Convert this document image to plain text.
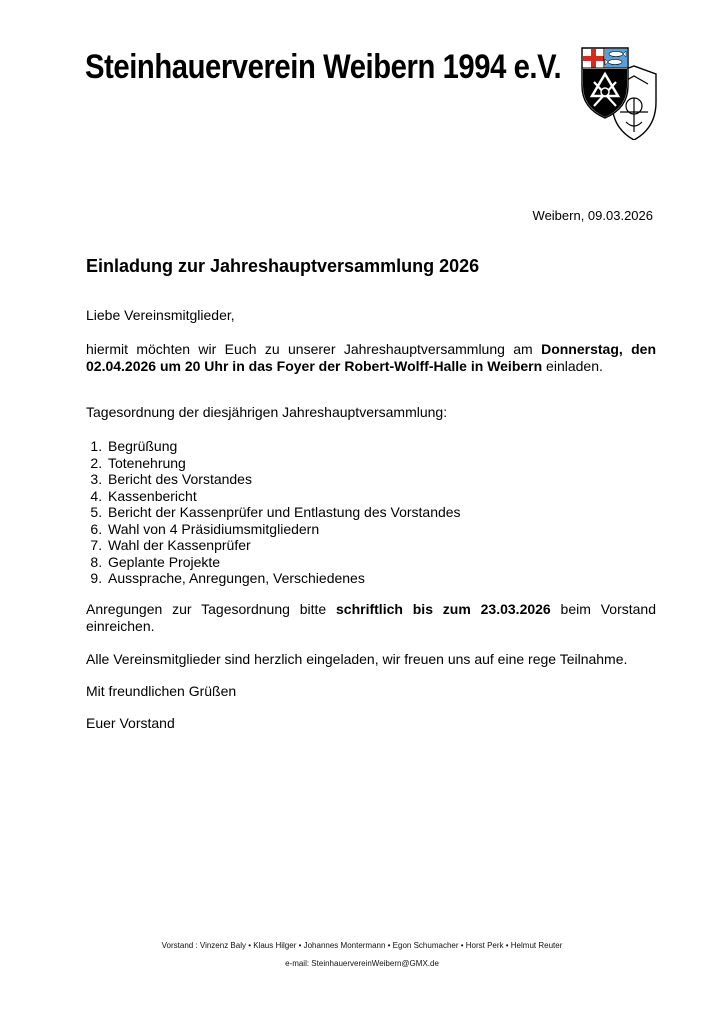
Steinhauerverein Weibern 1994 e.V.
Weibern, 09.03.2026
Einladung zur Jahreshauptversammlung 2026
Liebe Vereinsmitglieder,
hiermit möchten wir Euch zu unserer Jahreshauptversammlung am Donnerstag, den 02.04.2026 um 20 Uhr in das Foyer der Robert-Wolff-Halle in Weibern einladen.
Tagesordnung der diesjährigen Jahreshauptversammlung:
1. Begrüßung
2. Totenehrung
3. Bericht des Vorstandes
4. Kassenbericht
5. Bericht der Kassenprüfer und Entlastung des Vorstandes
6. Wahl von 4 Präsidiumsmitgliedern
7. Wahl der Kassenprüfer
8. Geplante Projekte
9. Aussprache, Anregungen, Verschiedenes
Anregungen zur Tagesordnung bitte schriftlich bis zum 23.03.2026 beim Vorstand einreichen.
Alle Vereinsmitglieder sind herzlich eingeladen, wir freuen uns auf eine rege Teilnahme.
Mit freundlichen Grüßen
Euer Vorstand
Vorstand : Vinzenz Baly • Klaus Hilger • Johannes Montermann • Egon Schumacher • Horst Perk • Helmut Reuter
e-mail: SteinhauervereinWeibern@GMX.de
